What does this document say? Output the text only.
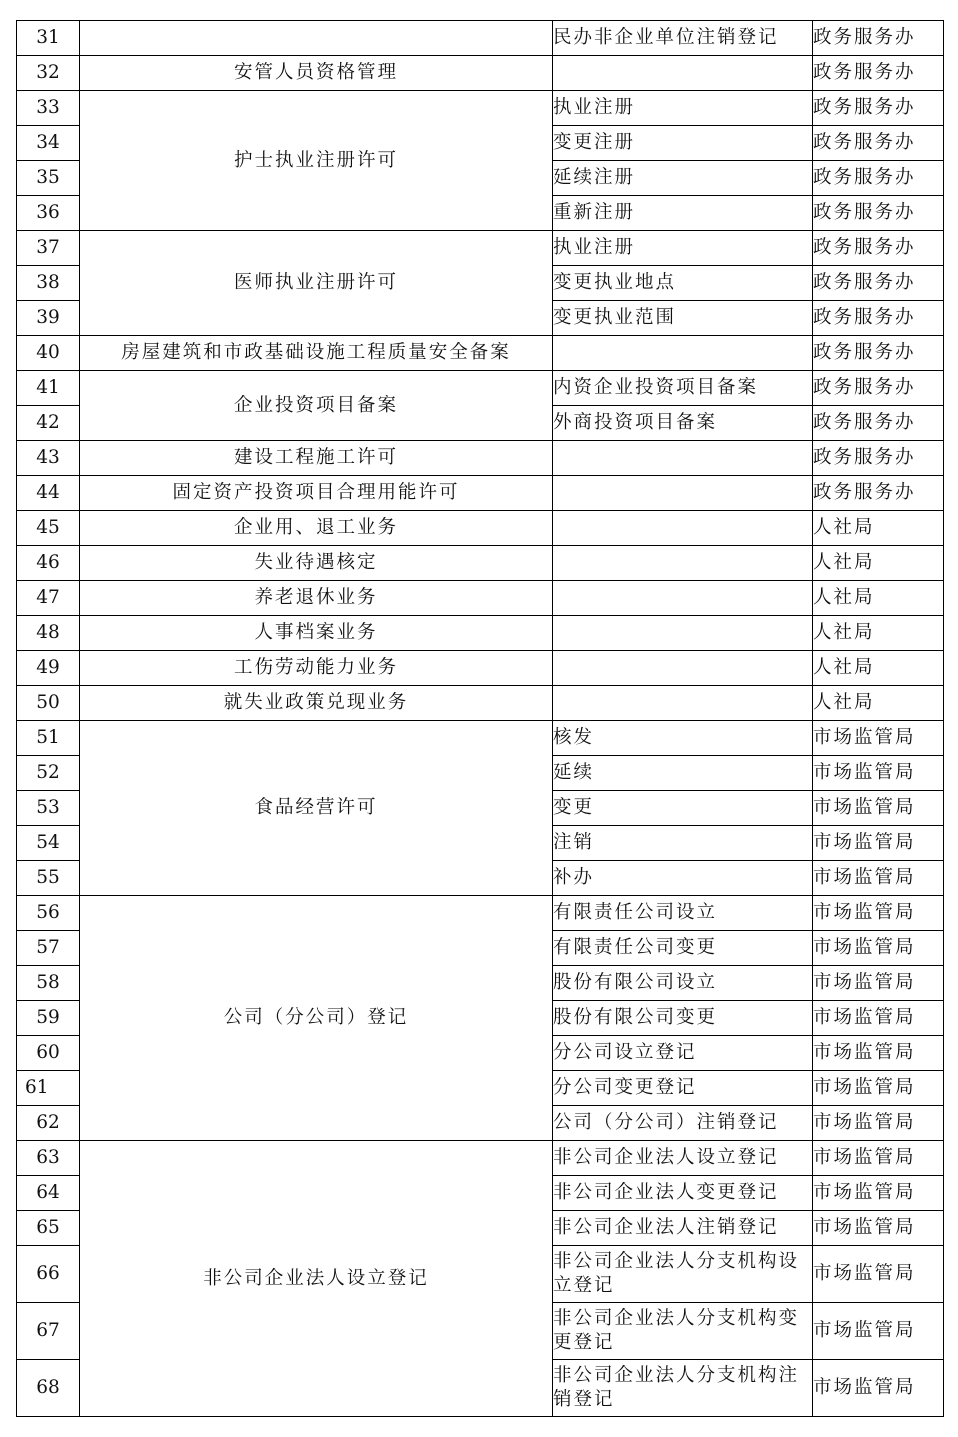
31		民办非企业单位注销登记	政务服务办
32	安管人员资格管理		政务服务办
33	护士执业注册许可	执业注册	政务服务办
34		变更注册	政务服务办
35		延续注册	政务服务办
36		重新注册	政务服务办
37	医师执业注册许可	执业注册	政务服务办
38		变更执业地点	政务服务办
39		变更执业范围	政务服务办
40	房屋建筑和市政基础设施工程质量安全备案		政务服务办
41	企业投资项目备案	内资企业投资项目备案	政务服务办
42		外商投资项目备案	政务服务办
43	建设工程施工许可		政务服务办
44	固定资产投资项目合理用能许可		政务服务办
45	企业用、退工业务		人社局
46	失业待遇核定		人社局
47	养老退休业务		人社局
48	人事档案业务		人社局
49	工伤劳动能力业务		人社局
50	就失业政策兑现业务		人社局
51	食品经营许可	核发	市场监管局
52		延续	市场监管局
53		变更	市场监管局
54		注销	市场监管局
55		补办	市场监管局
56	公司（分公司）登记	有限责任公司设立	市场监管局
57		有限责任公司变更	市场监管局
58		股份有限公司设立	市场监管局
59		股份有限公司变更	市场监管局
60		分公司设立登记	市场监管局
61		分公司变更登记	市场监管局
62		公司（分公司）注销登记	市场监管局
63	非公司企业法人设立登记	非公司企业法人设立登记	市场监管局
64		非公司企业法人变更登记	市场监管局
65		非公司企业法人注销登记	市场监管局
66		非公司企业法人分支机构设立登记	市场监管局
67		非公司企业法人分支机构变更登记	市场监管局
68		非公司企业法人分支机构注销登记	市场监管局
